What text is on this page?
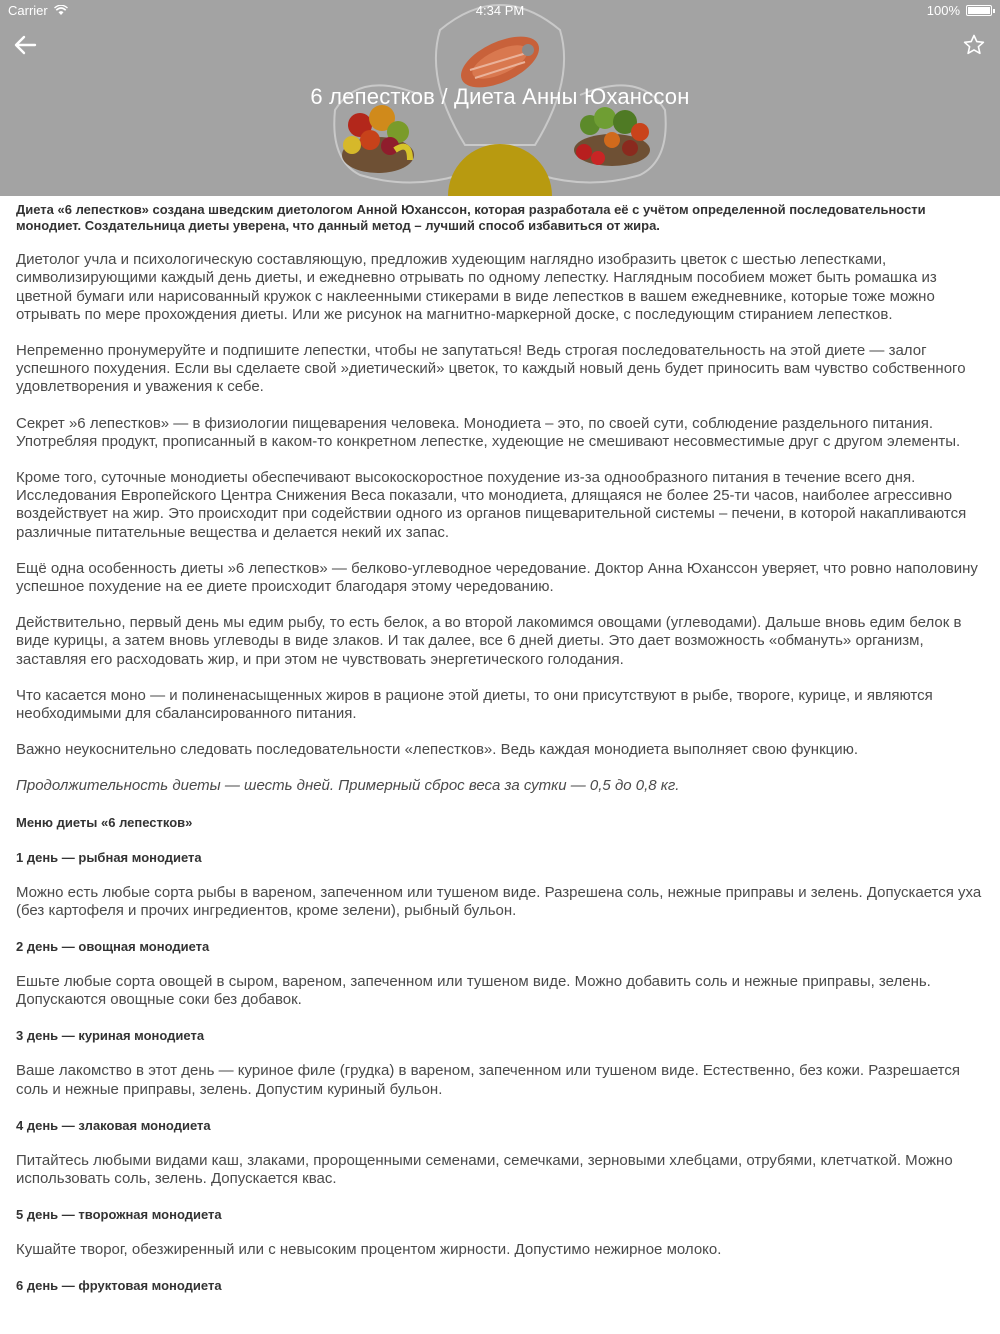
Carrier	4:34 PM	100%
6 лепестков / Диета Анны Юханссон

Диета «6 лепестков» создана шведским диетологом Анной Юханссон, которая разработала её с учётом определенной последовательности монодиет. Создательница диеты уверена, что данный метод – лучший способ избавиться от жира.

Диетолог учла и психологическую составляющую, предложив худеющим наглядно изобразить цветок с шестью лепестками, символизирующими каждый день диеты, и ежедневно отрывать по одному лепестку. Наглядным пособием может быть ромашка из цветной бумаги или нарисованный кружок с наклеенными стикерами в виде лепестков в вашем ежедневнике, которые тоже можно отрывать по мере прохождения диеты. Или же рисунок на магнитно-маркерной доске, с последующим стиранием лепестков.

Непременно пронумеруйте и подпишите лепестки, чтобы не запутаться! Ведь строгая последовательность на этой диете — залог успешного похудения. Если вы сделаете свой »диетический» цветок, то каждый новый день будет приносить вам чувство собственного удовлетворения и уважения к себе.

Секрет »6 лепестков» — в физиологии пищеварения человека. Монодиета – это, по своей сути, соблюдение раздельного питания. Употребляя продукт, прописанный в каком-то конкретном лепестке, худеющие не смешивают несовместимые друг с другом элементы.

Кроме того, суточные монодиеты обеспечивают высокоскоростное похудение из-за однообразного питания в течение всего дня. Исследования Европейского Центра Снижения Веса показали, что монодиета, длящаяся не более 25-ти часов, наиболее агрессивно воздействует на жир. Это происходит при содействии одного из органов пищеварительной системы – печени, в которой накапливаются различные питательные вещества и делается некий их запас.

Ещё одна особенность диеты »6 лепестков» — белково-углеводное чередование. Доктор Анна Юханссон уверяет, что ровно наполовину успешное похудение на ее диете происходит благодаря этому чередованию.

Действительно, первый день мы едим рыбу, то есть белок, а во второй лакомимся овощами (углеводами). Дальше вновь едим белок в виде курицы, а затем вновь углеводы в виде злаков. И так далее, все 6 дней диеты. Это дает возможность «обмануть» организм, заставляя его расходовать жир, и при этом не чувствовать энергетического голодания.

Что касается моно — и полиненасыщенных жиров в рационе этой диеты, то они присутствуют в рыбе, твороге, курице, и являются необходимыми для сбалансированного питания.

Важно неукоснительно следовать последовательности «лепестков». Ведь каждая монодиета выполняет свою функцию.

Продолжительность диеты — шесть дней. Примерный сброс веса за сутки — 0,5 до 0,8 кг.

Меню диеты «6 лепестков»
1 день — рыбная монодиета

Можно есть любые сорта рыбы в вареном, запеченном или тушеном виде. Разрешена соль, нежные приправы и зелень. Допускается уха (без картофеля и прочих ингредиентов, кроме зелени), рыбный бульон.

2 день — овощная монодиета

Ешьте любые сорта овощей в сыром, вареном, запеченном или тушеном виде. Можно добавить соль и нежные приправы, зелень. Допускаются овощные соки без добавок.

3 день — куриная монодиета

Ваше лакомство в этот день — куриное филе (грудка) в вареном, запеченном или тушеном виде. Естественно, без кожи. Разрешается соль и нежные приправы, зелень. Допустим куриный бульон.

4 день — злаковая монодиета

Питайтесь любыми видами каш, злаками, пророщенными семенами, семечками, зерновыми хлебцами, отрубями, клетчаткой. Можно использовать соль, зелень. Допускается квас.

5 день — творожная монодиета

Кушайте творог, обезжиренный или с невысоким процентом жирности. Допустимо нежирное молоко.

6 день — фруктовая монодиета
